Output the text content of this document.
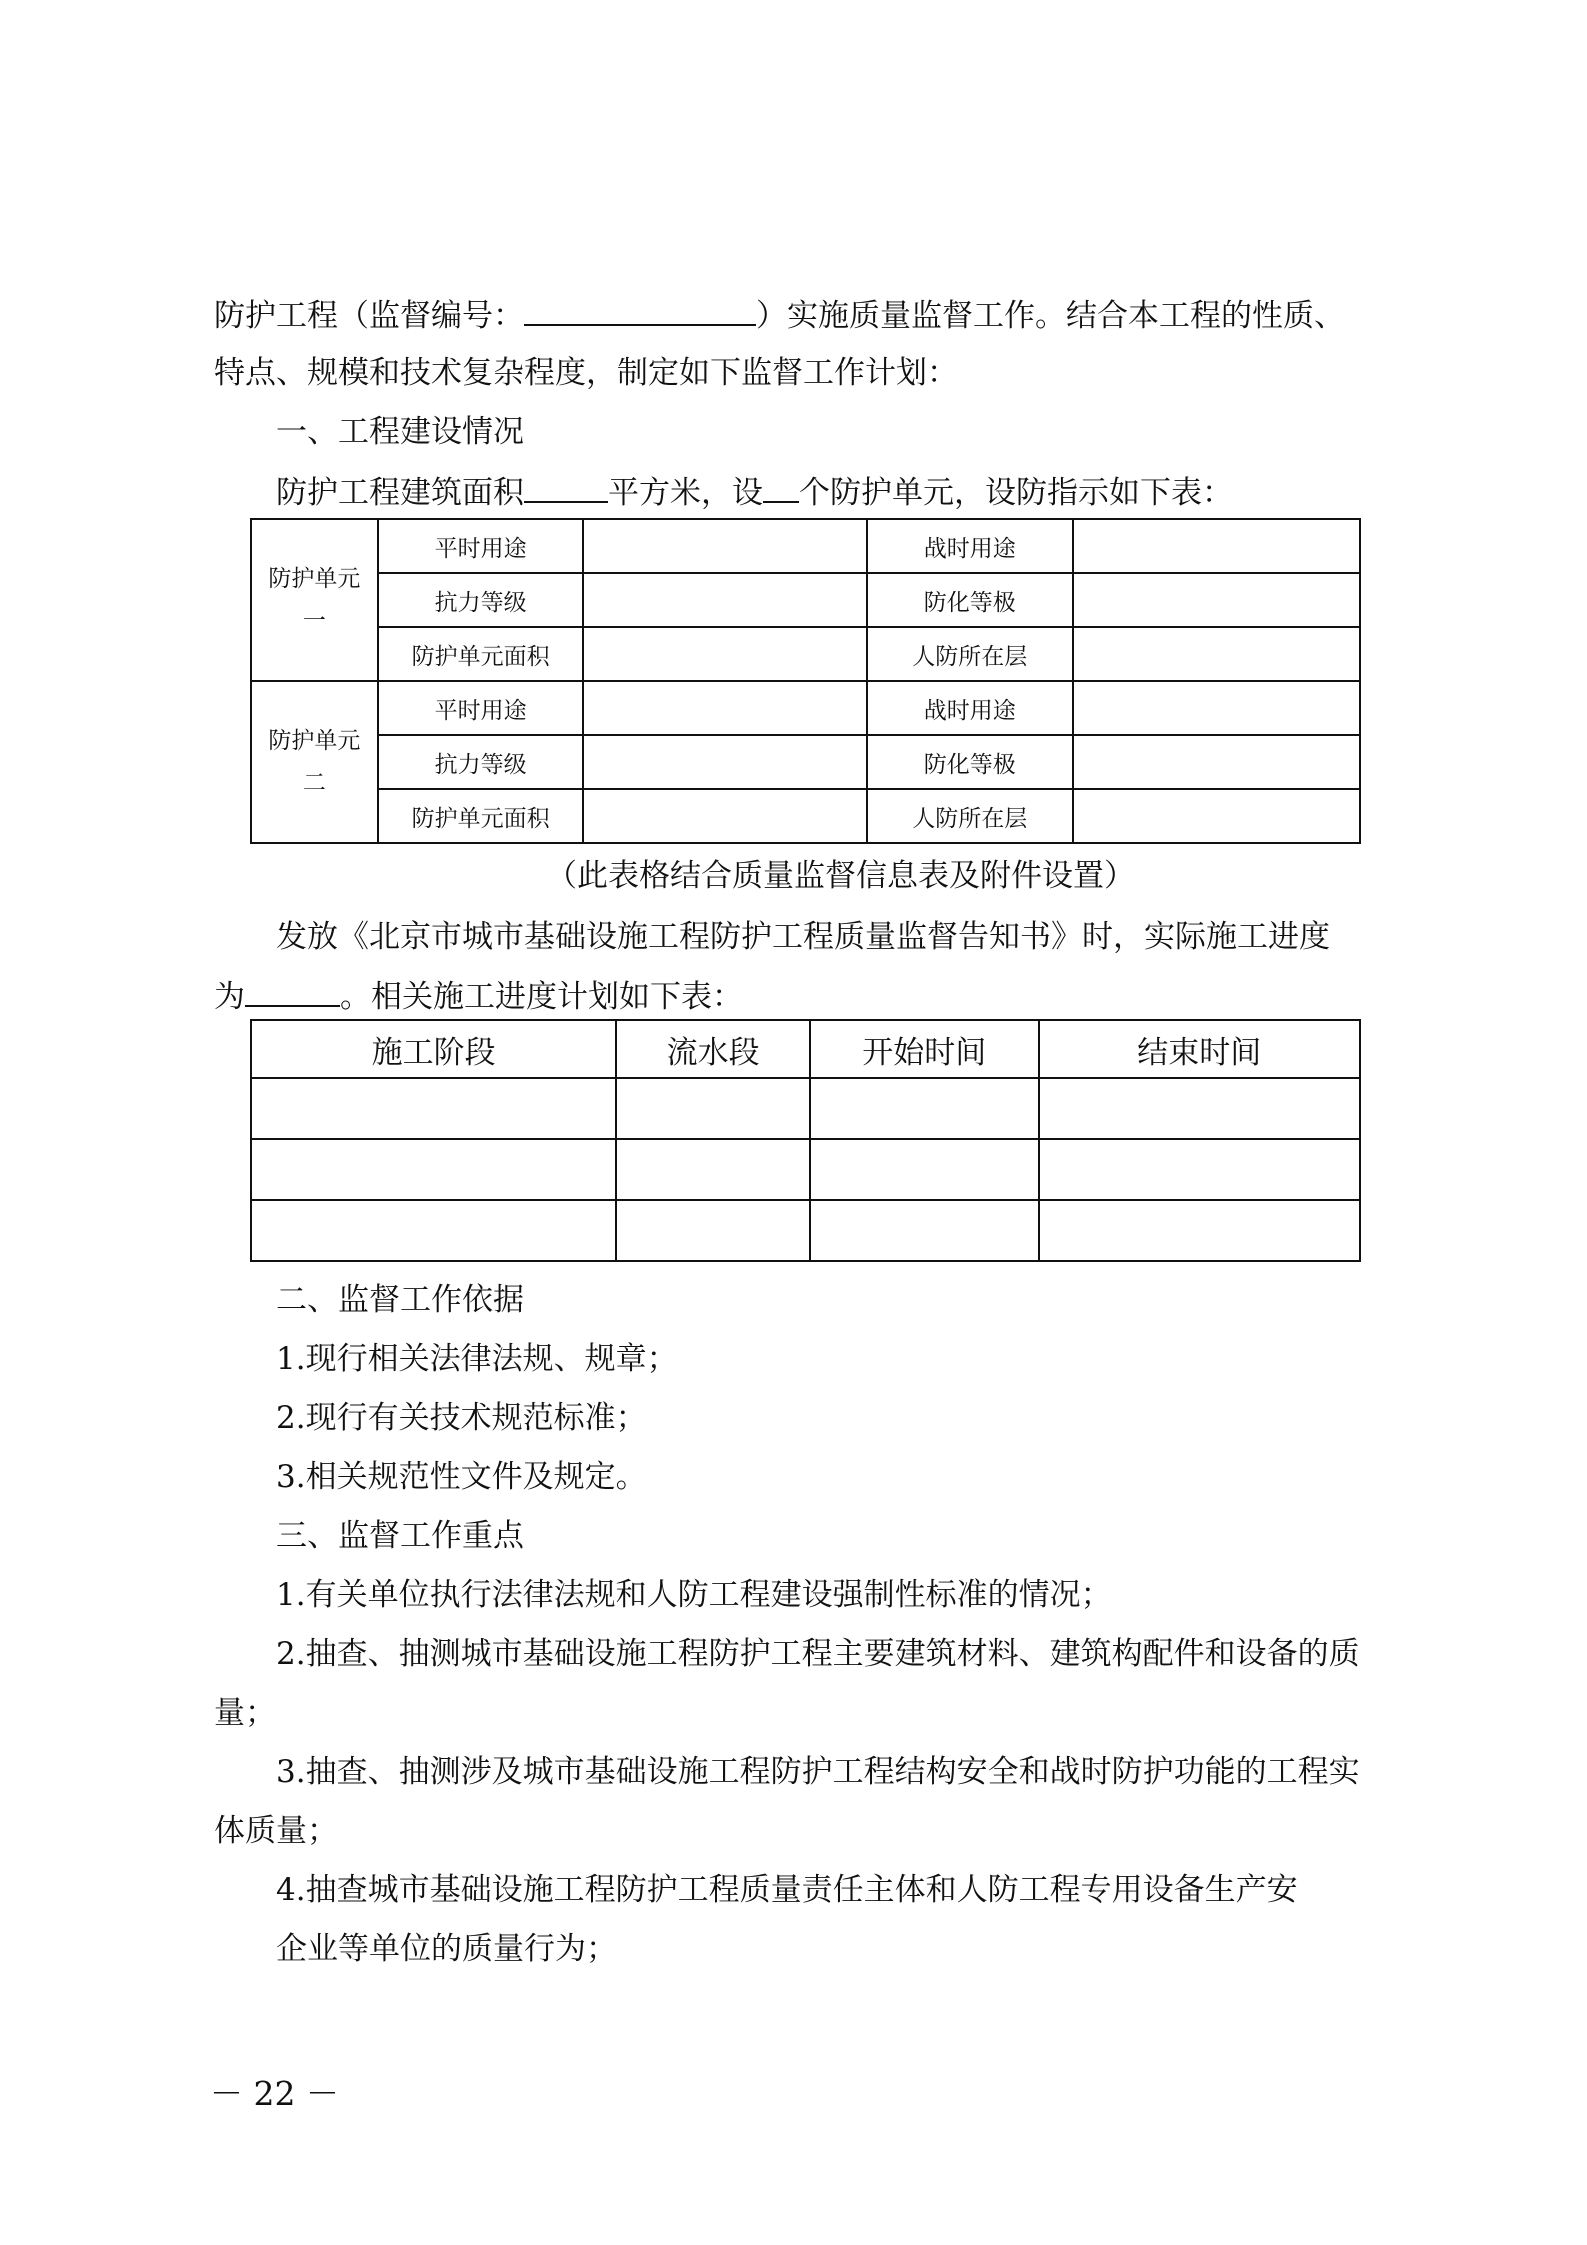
防护工程（监督编号：	）实施质量监督工作。结合本工程的性质、
特点、规模和技术复杂程度，制定如下监督工作计划：
一、工程建设情况
防护工程建筑面积	平方米，设 个防护单元，设防指示如下表：
防护单元
一	平时用途		战时用途	
	抗力等级		防化等极	
	防护单元面积		人防所在层	
防护单元
二	平时用途		战时用途	
	抗力等级		防化等极	
	防护单元面积		人防所在层	
（此表格结合质量监督信息表及附件设置）
发放《北京市城市基础设施工程防护工程质量监督告知书》时，实际施工进度
为	。相关施工进度计划如下表：
施工阶段	流水段	开始时间	结束时间

二、监督工作依据
1.现行相关法律法规、规章；
2.现行有关技术规范标准；
3.相关规范性文件及规定。
三、监督工作重点
1.有关单位执行法律法规和人防工程建设强制性标准的情况；
2.抽查、抽测城市基础设施工程防护工程主要建筑材料、建筑构配件和设备的质
量；
3.抽查、抽测涉及城市基础设施工程防护工程结构安全和战时防护功能的工程实
体质量；
4.抽查城市基础设施工程防护工程质量责任主体和人防工程专用设备生产安
企业等单位的质量行为；
－ 22 －
